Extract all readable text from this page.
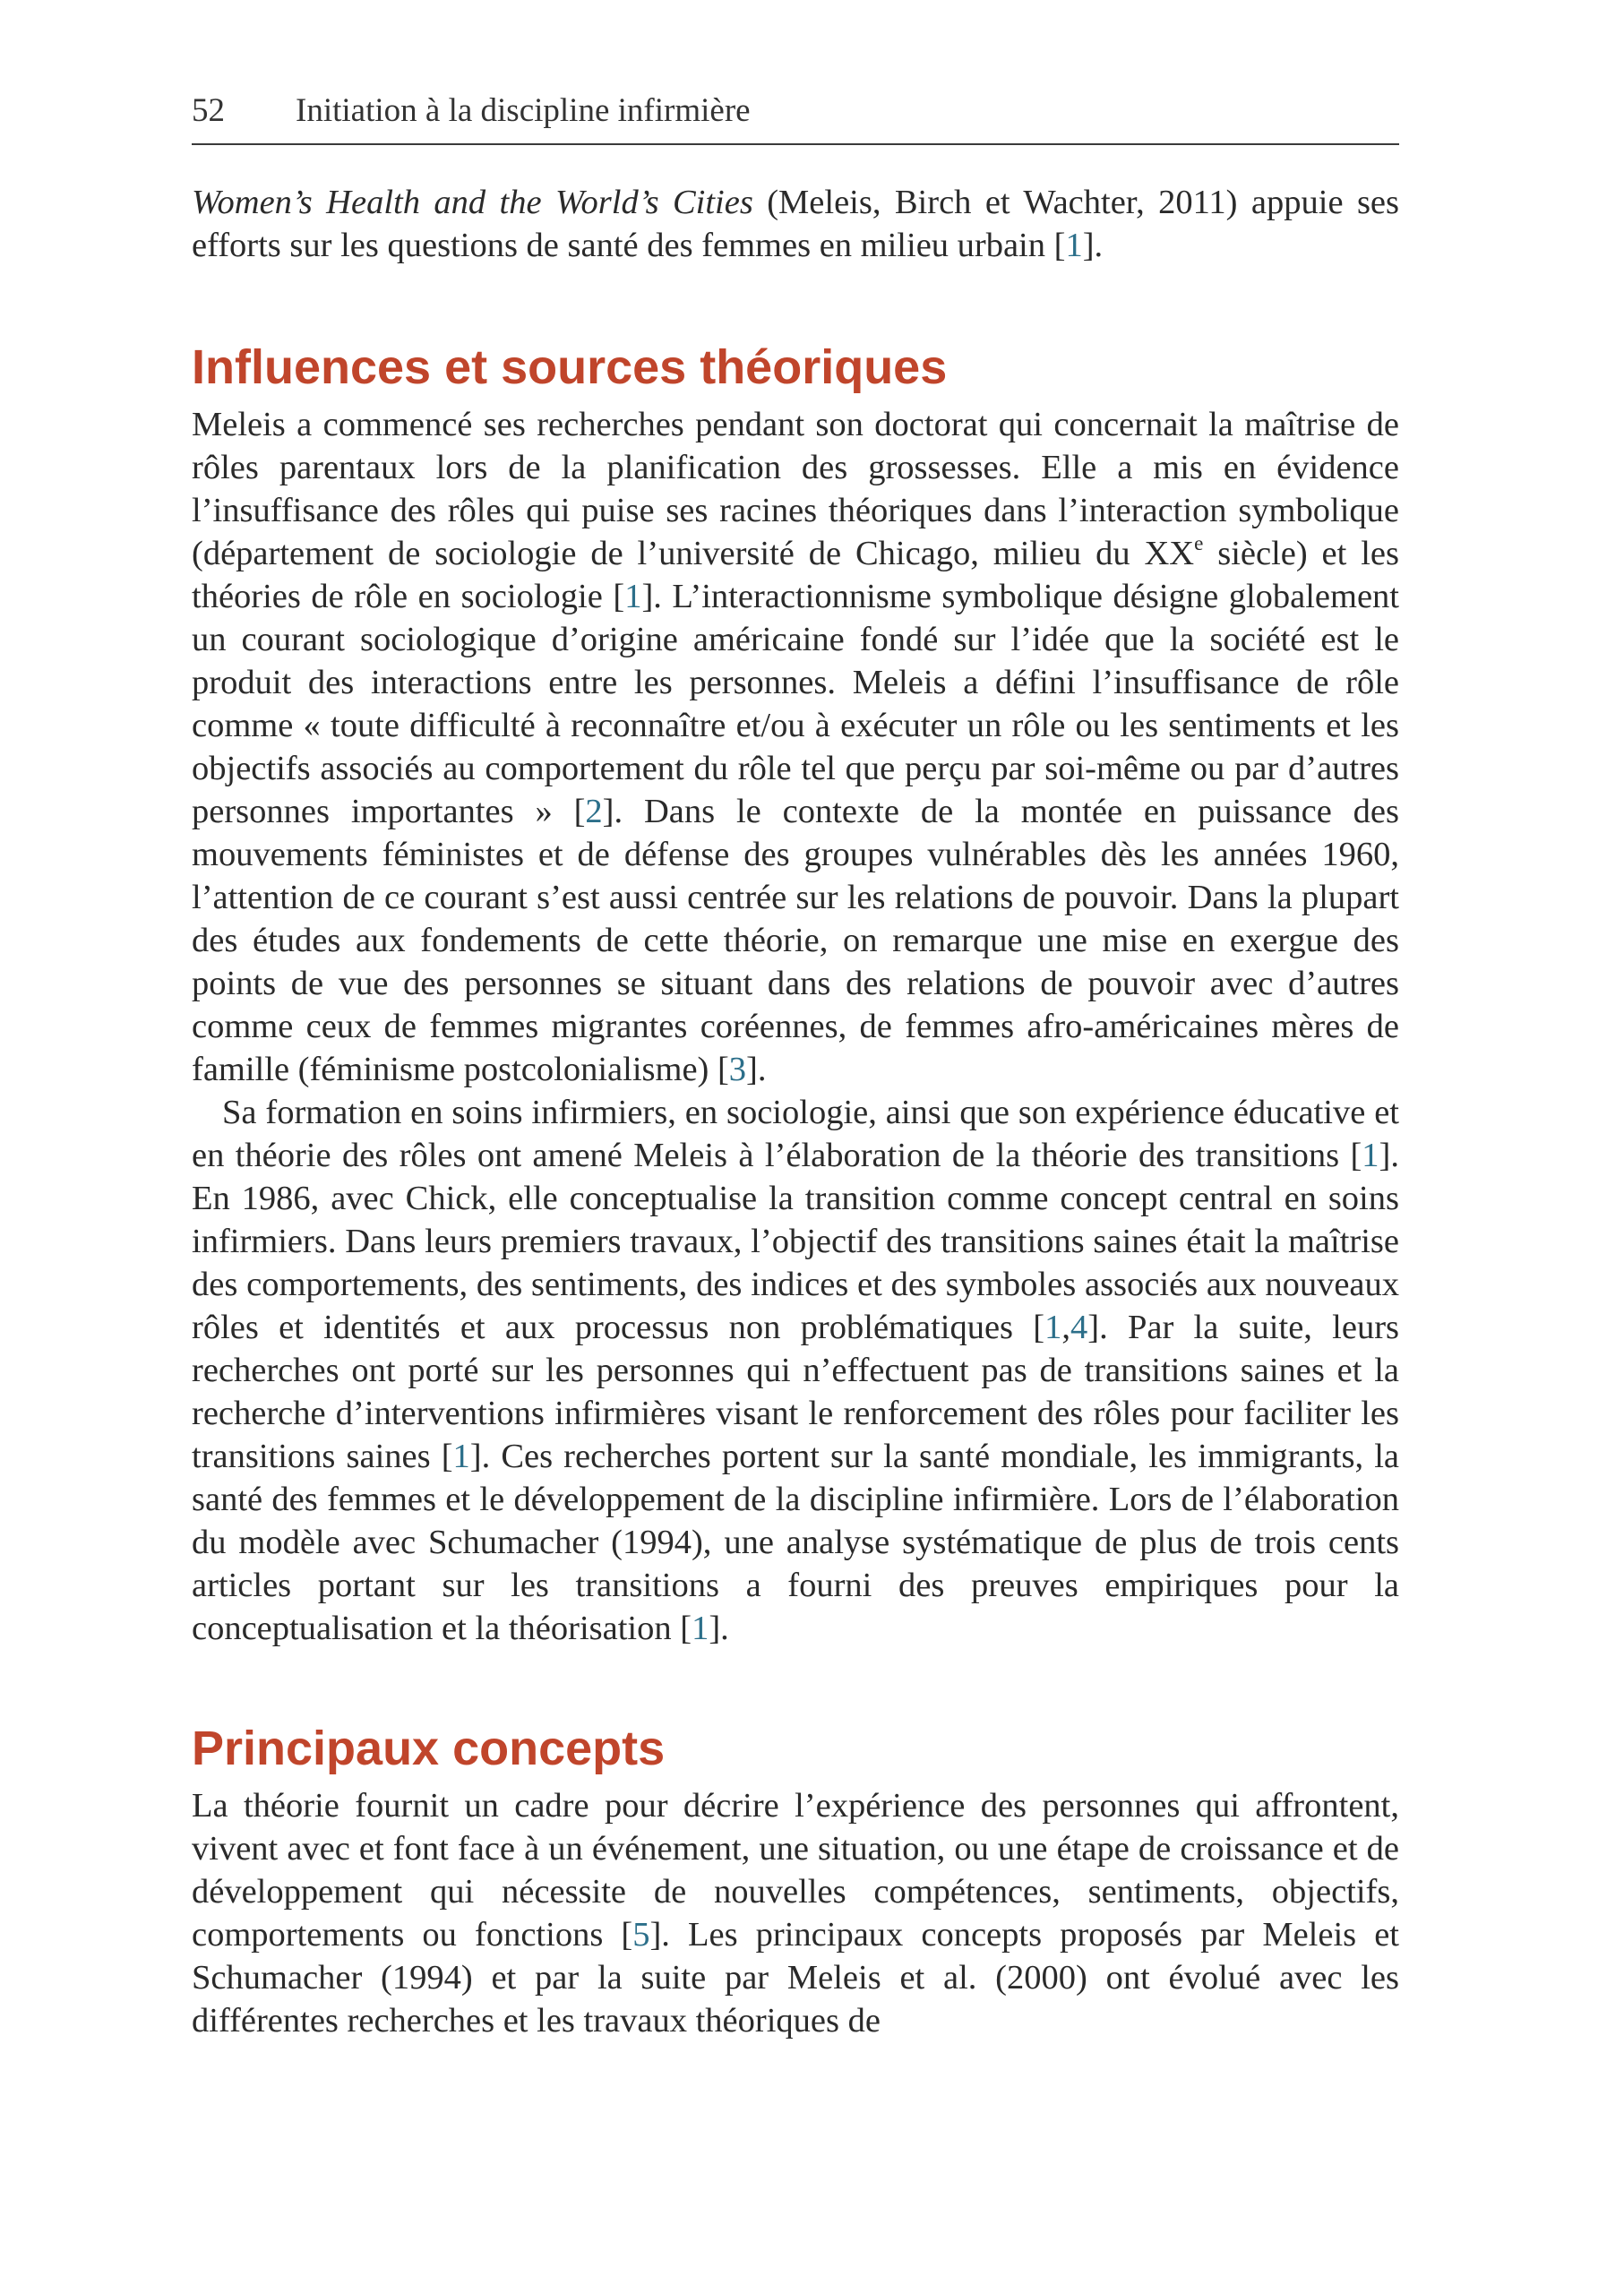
52 Initiation à la discipline infirmière

Women’s Health and the World’s Cities (Meleis, Birch et Wachter, 2011) appuie ses efforts sur les questions de santé des femmes en milieu urbain [1].

Influences et sources théoriques

Meleis a commencé ses recherches pendant son doctorat qui concernait la maîtrise de rôles parentaux lors de la planification des grossesses. Elle a mis en évidence l’insuffisance des rôles qui puise ses racines théoriques dans l’interaction symbolique (département de sociologie de l’université de Chicago, milieu du XXe siècle) et les théories de rôle en sociologie [1]. L’interactionnisme symbolique désigne globalement un courant sociologique d’origine américaine fondé sur l’idée que la société est le produit des interactions entre les personnes. Meleis a défini l’insuffisance de rôle comme « toute difficulté à reconnaître et/ou à exécuter un rôle ou les sentiments et les objectifs associés au comportement du rôle tel que perçu par soi-même ou par d’autres personnes importantes » [2]. Dans le contexte de la montée en puissance des mouvements féministes et de défense des groupes vulnérables dès les années 1960, l’attention de ce courant s’est aussi centrée sur les relations de pouvoir. Dans la plupart des études aux fondements de cette théorie, on remarque une mise en exergue des points de vue des personnes se situant dans des relations de pouvoir avec d’autres comme ceux de femmes migrantes coréennes, de femmes afro-américaines mères de famille (féminisme postcolonialisme) [3].

Sa formation en soins infirmiers, en sociologie, ainsi que son expérience éducative et en théorie des rôles ont amené Meleis à l’élaboration de la théorie des transitions [1]. En 1986, avec Chick, elle conceptualise la transition comme concept central en soins infirmiers. Dans leurs premiers travaux, l’objectif des transitions saines était la maîtrise des comportements, des sentiments, des indices et des symboles associés aux nouveaux rôles et identités et aux processus non problématiques [1,4]. Par la suite, leurs recherches ont porté sur les personnes qui n’effectuent pas de transitions saines et la recherche d’interventions infirmières visant le renforcement des rôles pour faciliter les transitions saines [1]. Ces recherches portent sur la santé mondiale, les immigrants, la santé des femmes et le développement de la discipline infirmière. Lors de l’élaboration du modèle avec Schumacher (1994), une analyse systématique de plus de trois cents articles portant sur les transitions a fourni des preuves empiriques pour la conceptualisation et la théorisation [1].

Principaux concepts

La théorie fournit un cadre pour décrire l’expérience des personnes qui affrontent, vivent avec et font face à un événement, une situation, ou une étape de croissance et de développement qui nécessite de nouvelles compétences, sentiments, objectifs, comportements ou fonctions [5]. Les principaux concepts proposés par Meleis et Schumacher (1994) et par la suite par Meleis et al. (2000) ont évolué avec les différentes recherches et les travaux théoriques de
